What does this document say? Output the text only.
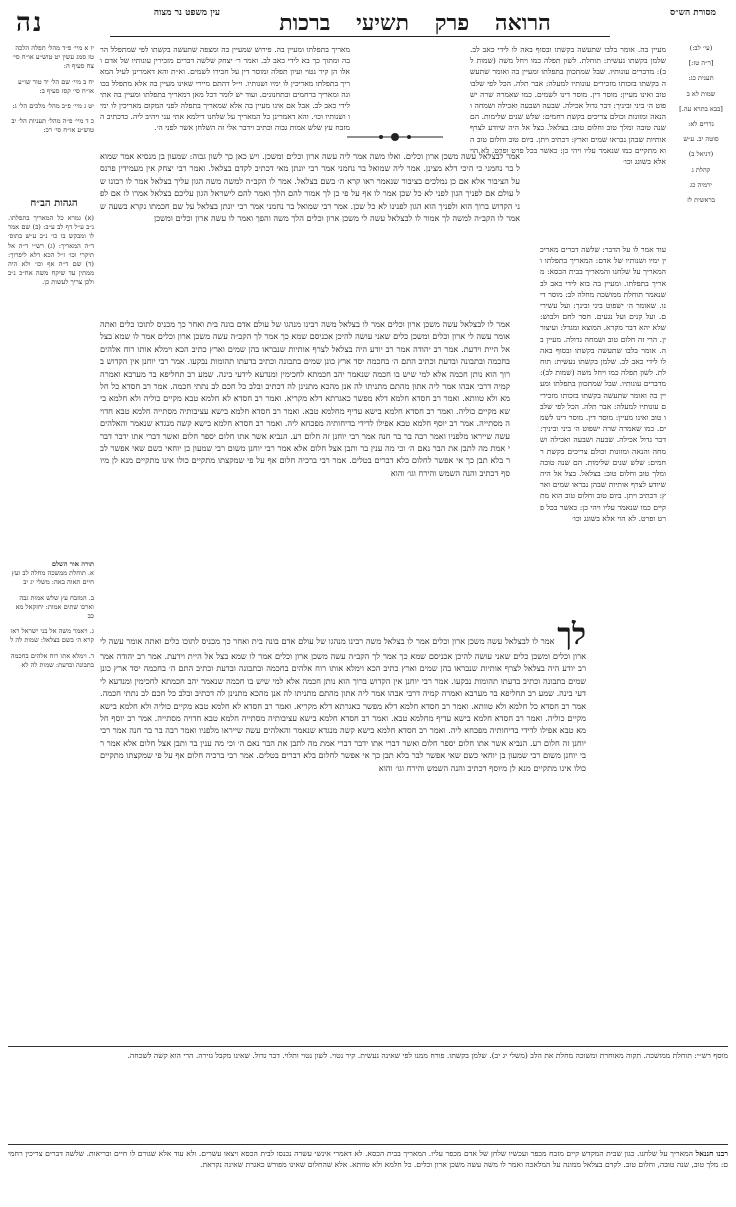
נה	הרואה פרק תשיעי ברכות
עין משפט נר מצוה	מסורת הש״ס
(עי׳ לב:)
[ר״ה טז:]
תענית כג:
שמות לא ב
[בבא בתרא עה.]
נדרים לא:
סוטה יב. ע״ש
(דניאל ב)
קהלת ג
ירמיה כג
בראשית לז
מעיין בה. אומר בלבו שתעשה בקשתו ובסוף באה לו לידי כאב לב. שלמן בקשתו נעשית: תוחלת. לשון תפלה כמו ויחל משה (שמות לב): מדברים עונותיו. שבל שמתכוון בתפלתו ומעיין בה ואומר שתעשה בקשתו בזכותו מזכירים עונותיו למעלה: אבר תלה. הכל לפי שלבו טוב ואינו מעיין: מוסר דין. מוסר דינו לשמים. כמו שאמרה שרה ישפוט ה׳ ביני וביניך: דבר גדול אכילה. שבעה ושבעה ואכילה ושמחה והנאה ומזונות וכולם צריכים בקשת רחמים: שלש שנים שלימות. הם שנה טובה ומלך טוב וחלום טוב: בצלאל. בצל אל היה שיודע לצרף אותיות שבהן נבראו שמים וארץ: דכתיב ויתן. ביום טוב וחלום טוב הוא מתקיים כמו שנאמר עליו ויהי כן: כאשר בכל פרט ופרט. לא הוי אלא בשוגג וכו׳
עוד אמר לו על הדבר: שלשה דברים מאריכין ימיו ושנותיו של אדם: המאריך בתפלתו והמאריך על שלחנו והמאריך בבית הכסא: מאריך בתפלתו. ומעיין בה בוא לידי כאב לב שנאמר תוחלת ממושכה מחלה לב: מוסר דינו. שאומר ה׳ ישפוט ביני ובינך: ועל עשירים. ועל קנים ועל נגעים. חסר לחם ולבוש: שלא יהא דבר מקרא. המוצא ומגדל: ועיצורין. הרי זה חלום טוב ושמחה גדולה. מעיין בה. אומר בלבו שתעשה בקשתו ובסוף באה לו לידי כאב לב. שלמן בקשתו נעשית: תוחלת. לשון תפלה כמו ויחל משה (שמות לב): מדברים עונותיו. שבל שמתכוון בתפלתו ומעיין בה ואומר שתעשה בקשתו בזכותו מזכירים עונותיו למעלה: אבר תלה. הכל לפי שלבו טוב ואינו מעיין: מוסר דין. מוסר דינו לשמים. כמו שאמרה שרה ישפוט ה׳ ביני וביניך: דבר גדול אכילה. שבעה ושבעה ואכילה ושמחה והנאה ומזונות וכולם צריכים בקשת רחמים: שלש שנים שלימות. הם שנה טובה ומלך טוב וחלום טוב: בצלאל. בצל אל היה שיודע לצרף אותיות שבהן נבראו שמים וארץ: דכתיב ויתן. ביום טוב וחלום טוב הוא מתקיים כמו שנאמר עליו ויהי כן: כאשר בכל פרט ופרט. לא הוי אלא בשוגג וכו׳
מאריך בתפלתו ומעיין בה. פירוש שמעיין בה ומצפה שתעשה בקשתו לפי שמתפלל הרבה ומתוך כך בא לידי כאב לב. ואמר ר׳ יצחק שלשה דברים מזכירין עונותיו של אדם ואלו הן קיר נטוי ועיון תפלה ומוסר דין על חבירו לשמים. וא״ת והא דאמרינן לעיל המאריך בתפלתו מאריכין לו ימיו ושנותיו. וי״ל דהתם מיירי שאינו מעיין בה אלא מתפלל בכוונה ומאריך ברחמים ובתחנונים. ועוד יש לומר דכל מאן דמאריך בתפלתו ומעיין בה אתי לידי כאב לב. אבל אם אינו מעיין בה אלא שמאריך בתפלה לפני המקום מאריכין לו ימיו ושנותיו וכו׳. והא דאמרינן כל המאריך על שלחנו דילמא אתי עני ויהיב ליה. כדכתיב המזבח עץ שלש אמות גבוה וכתיב וידבר אלי זה השלחן אשר לפני ה׳.
יז א מיי׳ פ״ד מהל׳ תפלה הלכה טז סמג עשין יט טוש״ע או״ח סי׳ צח סעיף ה:
יח ב מיי׳ שם הל׳ יד טור שו״ע או״ח סי׳ קסז סעיף ב:
יט ג מיי׳ פ״ב מהל׳ מלכים הל׳ ג:
כ ד מיי׳ פ״ה מהל׳ תעניות הל׳ יב טוש״ע או״ח סי׳ רכ:
הגהות הב״ח
(א) גמרא כל המאריך בתפלתו. נ״ב ע״ל דף לב ע״ב: (ב) שם אמר לו ומבקש בו כו׳ נ״ב ע״ש בתוס׳ ד״ה המאריך: (ג) רש״י ד״ה אל תיקרי וכו׳ ז״ל הכא דלא ליפרוך: (ד) שם ד״ה אף וכו׳ ולא היה ממתין עד שיקח משה אח״כ נ״ב ולכן צריך לעשות כן.
תורה אור השלם
א. תוחלת ממשכה מחלה לב ועץ חיים תאוה באה: משלי יג יב
ב. המזבח עץ שלש אמות גבה וארכו שתים אמות: יחזקאל מא כב
ג. ויאמר משה אל בני ישראל ראו קרא ה׳ בשם בצלאל: שמות לה ל
ד. וימלא אתו רוח אלהים בחכמה בתבונה ובדעת: שמות לה לא
אמר לבצלאל עשה משכן ארון וכלים. ואלו משה אמר ליה עשה ארון וכלים ומשכן. ויש כאן כך לשון גבוה: שמעון בן מנסיא אמר שמואל בר נחמני כי היכי דלא מצינן. אמר ליה שמואל בר נחמני אמר רבי יונתן מאי דכתיב לקדם בצלאל. ואמר רבי יצחק אין מעמידין פרנס על הציבור אלא אם כן נמלכים בציבור שנאמר ראו קרא ה׳ בשם בצלאל. אמר לו הקב״ה למשה משה הגון עליך בצלאל אמר לו רבונו של עולם אם לפניך הגון לפני לא כל שכן אמר לו אף על פי כן לך אמור להם הלך ואמר להם לישראל הגון עליכם בצלאל אמרו לו אם לפני הקדוש ברוך הוא ולפניך הוא הגון לפנינו לא כל שכן. אמר רבי שמואל בר נחמני אמר רבי יונתן בצלאל על שם חכמתו נקרא בשעה שאמר לו הקב״ה למשה לך אמור לו לבצלאל עשה לי משכן ארון וכלים הלך משה והפך ואמר לו עשה ארון וכלים ומשכן
אמר לו לבצלאל עשה משכן ארון וכלים אמר לו בצלאל משה רבינו מנהגו של עולם אדם בונה בית ואחר כך מכניס לתוכו כלים ואתה אומר עשה לי ארון וכלים ומשכן כלים שאני עושה להיכן אכניסם שמא כך אמר לך הקב״ה עשה משכן ארון וכלים אמר לו שמא בצל אל היית וידעת. אמר רב יהודה אמר רב יודע היה בצלאל לצרף אותיות שנבראו בהן שמים וארץ כתיב הכא וימלא אותו רוח אלהים בחכמה ובתבונה ובדעת וכתיב התם ה׳ בחכמה יסד ארץ כונן שמים בתבונה וכתיב בדעתו תהומות נבקעו. אמר רבי יוחנן אין הקדוש ברוך הוא נותן חכמה אלא למי שיש בו חכמה שנאמר יהב חכמתא לחכימין ומנדעא לידעי בינה. שמע רב תחליפא בר מערבא ואמרה קמיה דרבי אבהו אמר ליה אתון מהתם מתניתו לה אנן מהכא מתנינן לה דכתיב ובלב כל חכם לב נתתי חכמה. אמר רב חסדא כל חלמא ולא טוותא. ואמר רב חסדא חלמא דלא מפשר כאגרתא דלא מקריא. ואמר רב חסדא לא חלמא טבא מקיים כוליה ולא חלמא בישא מקיים כוליה. ואמר רב חסדא חלמא בישא עדיף מחלמא טבא. ואמר רב חסדא חלמא בישא עציבותיה מסתייה חלמא טבא חדויה מסתייה. אמר רב יוסף חלמא טבא אפילו לדידי בדיחותיה מפכחא ליה. ואמר רב חסדא חלמא בישא קשה מנגדא שנאמר והאלהים עשה שייראו מלפניו ואמר רבה בר בר חנה אמר רבי יוחנן זה חלום רע. הנביא אשר אתו חלום יספר חלום ואשר דברי אתו ידבר דברי אמת מה לתבן את הבר נאם ה׳ וכי מה ענין בר ותבן אצל חלום אלא אמר רבי יוחנן משום רבי שמעון בן יוחאי כשם שאי אפשר לבר בלא תבן כך אי אפשר לחלום בלא דברים בטלים. אמר רבי ברכיה חלום אף על פי שמקצתו מתקיים כולו אינו מתקיים מנא לן מיוסף דכתיב והנה השמש והירח וגו׳ והוא
לך אמר לו לבצלאל עשה משכן ארון וכלים אמר לו בצלאל משה רבינו מנהגו של עולם אדם בונה בית ואחר כך מכניס לתוכו כלים ואתה אומר עשה לי ארון וכלים ומשכן כלים שאני עושה להיכן אכניסם שמא כך אמר לך הקב״ה עשה משכן ארון וכלים אמר לו שמא בצל אל היית וידעת. אמר רב יהודה אמר רב יודע היה בצלאל לצרף אותיות שנבראו בהן שמים וארץ כתיב הכא וימלא אותו רוח אלהים בחכמה ובתבונה ובדעת וכתיב התם ה׳ בחכמה יסד ארץ כונן שמים בתבונה וכתיב בדעתו תהומות נבקעו. אמר רבי יוחנן אין הקדוש ברוך הוא נותן חכמה אלא למי שיש בו חכמה שנאמר יהב חכמתא לחכימין ומנדעא לידעי בינה. שמע רב תחליפא בר מערבא ואמרה קמיה דרבי אבהו אמר ליה אתון מהתם מתניתו לה אנן מהכא מתנינן לה דכתיב ובלב כל חכם לב נתתי חכמה. אמר רב חסדא כל חלמא ולא טוותא. ואמר רב חסדא חלמא דלא מפשר כאגרתא דלא מקריא. ואמר רב חסדא לא חלמא טבא מקיים כוליה ולא חלמא בישא מקיים כוליה. ואמר רב חסדא חלמא בישא עדיף מחלמא טבא. ואמר רב חסדא חלמא בישא עציבותיה מסתייה חלמא טבא חדויה מסתייה. אמר רב יוסף חלמא טבא אפילו לדידי בדיחותיה מפכחא ליה. ואמר רב חסדא חלמא בישא קשה מנגדא שנאמר והאלהים עשה שייראו מלפניו ואמר רבה בר בר חנה אמר רבי יוחנן זה חלום רע. הנביא אשר אתו חלום יספר חלום ואשר דברי אתו ידבר דברי אמת מה לתבן את הבר נאם ה׳ וכי מה ענין בר ותבן אצל חלום אלא אמר רבי יוחנן משום רבי שמעון בן יוחאי כשם שאי אפשר לבר בלא תבן כך אי אפשר לחלום בלא דברים בטלים. אמר רבי ברכיה חלום אף על פי שמקצתו מתקיים כולו אינו מתקיים מנא לן מיוסף דכתיב והנה השמש והירח וגו׳ והוא
מוסף רש״י: תוחלת ממושכה. תקוה מאוחרת ומשוכה מחלת את הלב (משלי יג יב). שלמן בקשתו. פורח ממנו לפי שאינה נעשית. קיר נטוי. לשון נטוי ותלוי. דבר גדול. שאינו מקבל גזירה. הרי הוא קשה לשכחה.
רבנו חננאל המאריך על שלחנו. כגון שבית המקדש קיים מזבח מכפר ועכשיו שלחן של אדם מכפר עליו. המאריך בבית הכסא. לא דאמרי אינשי עשרה נכנסו לבית הכסא ויצאו עשרים. ולא עוד אלא שגורם לו חיים ובריאות. שלשה דברים צריכין רחמים: מלך טוב, שנה טובה, וחלום טוב. לקדם בצלאל ממונה על המלאכה ואמר לו משה עשה משכן ארון וכלים. כל חלמא ולא טוותא. אלא שהחלום שאינו מפורש כאגרת שאינה נקראת.
